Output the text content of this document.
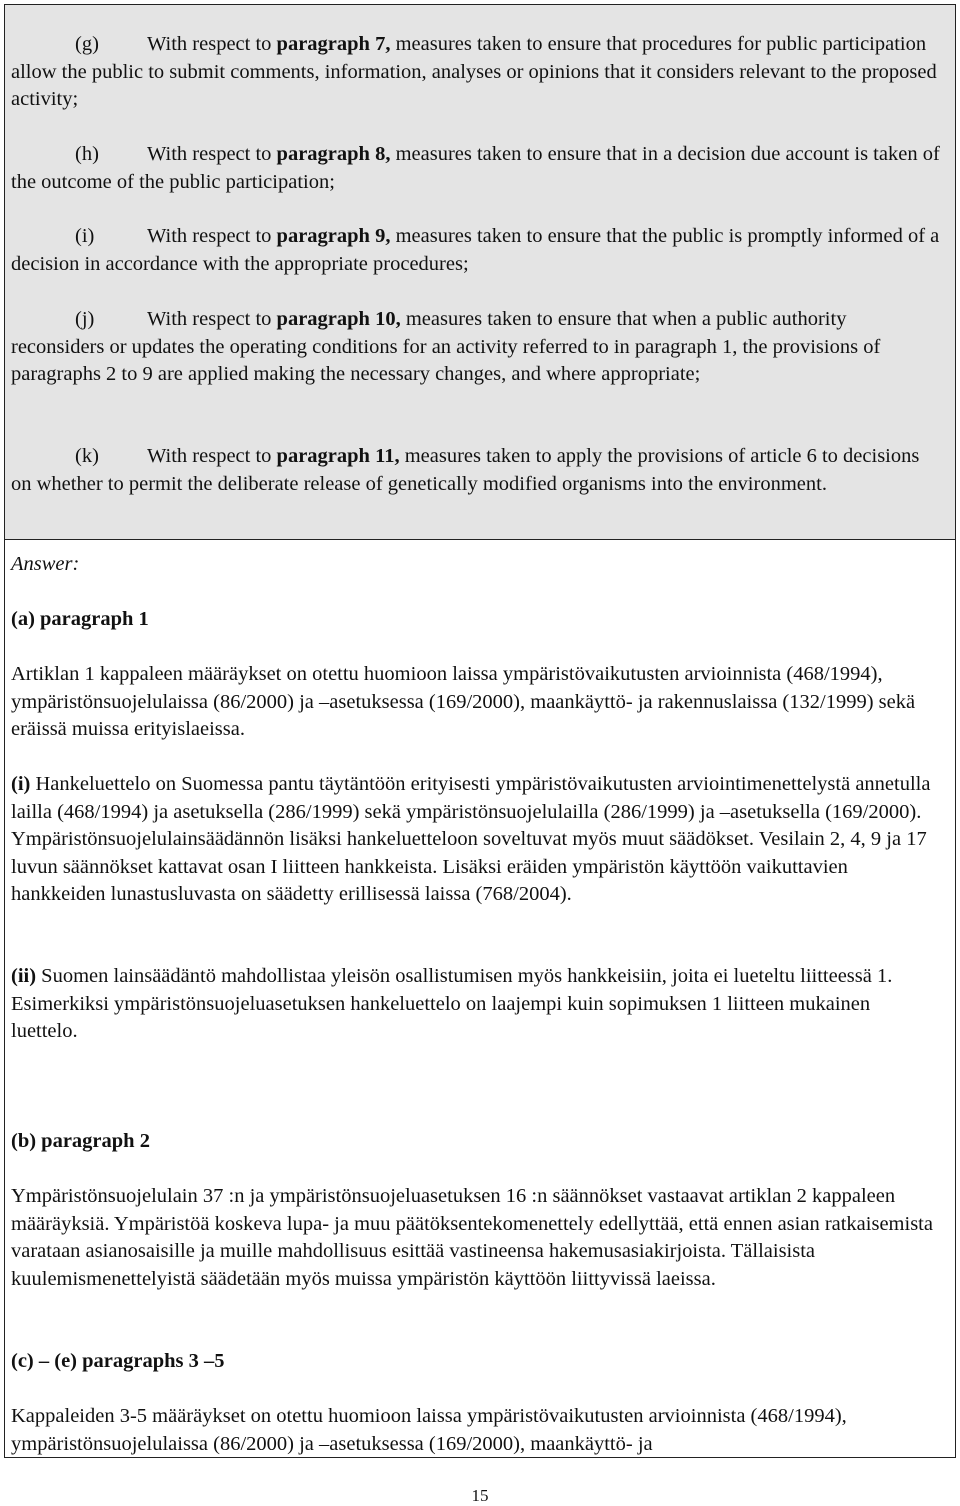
(g) With respect to paragraph 7, measures taken to ensure that procedures for public participation allow the public to submit comments, information, analyses or opinions that it considers relevant to the proposed activity;

(h) With respect to paragraph 8, measures taken to ensure that in a decision due account is taken of the outcome of the public participation;

(i)	With respect to paragraph 9, measures taken to ensure that the public is promptly informed of a decision in accordance with the appropriate procedures;

(j)	With respect to paragraph 10, measures taken to ensure that when a public authority reconsiders or updates the operating conditions for an activity referred to in paragraph 1, the provisions of paragraphs 2 to 9 are applied making the necessary changes, and where appropriate;

(k) With respect to paragraph 11, measures taken to apply the provisions of article 6 to decisions on whether to permit the deliberate release of genetically modified organisms into the environment.

Answer:
(a) paragraph 1
Artiklan 1 kappaleen määräykset on otettu huomioon laissa ympäristövaikutusten arvioinnista (468/1994), ympäristönsuojelulaissa (86/2000) ja –asetuksessa (169/2000), maankäyttö- ja rakennuslaissa (132/1999) sekä eräissä muissa erityislaeissa.
(i) Hankeluettelo on Suomessa pantu täytäntöön erityisesti ympäristövaikutusten arviointimenettelystä annetulla lailla (468/1994) ja asetuksella (286/1999) sekä ympäristönsuojelulailla (286/1999) ja –asetuksella (169/2000). Ympäristönsuojelulainsäädännön lisäksi hankeluetteloon soveltuvat myös muut säädökset. Vesilain 2, 4, 9 ja 17 luvun säännökset kattavat osan I liitteen hankkeista. Lisäksi eräiden ympäristön käyttöön vaikuttavien hankkeiden lunastusluvasta on säädetty erillisessä laissa (768/2004).
(ii) Suomen lainsäädäntö mahdollistaa yleisön osallistumisen myös hankkeisiin, joita ei lueteltu liitteessä 1. Esimerkiksi ympäristönsuojeluasetuksen hankeluettelo on laajempi kuin sopimuksen 1 liitteen mukainen luettelo.
(b) paragraph 2
Ympäristönsuojelulain 37 :n ja ympäristönsuojeluasetuksen 16 :n säännökset vastaavat artiklan 2 kappaleen määräyksiä. Ympäristöä koskeva lupa- ja muu päätöksentekomenettely edellyttää, että ennen asian ratkaisemista varataan asianosaisille ja muille mahdollisuus esittää vastineensa hakemusasiakirjoista. Tällaisista kuulemismenettelyistä säädetään myös muissa ympäristön käyttöön liittyvissä laeissa.
(c) – (e) paragraphs 3 –5
Kappaleiden 3-5 määräykset on otettu huomioon laissa ympäristövaikutusten arvioinnista (468/1994), ympäristönsuojelulaissa (86/2000) ja –asetuksessa (169/2000), maankäyttö- ja
15
